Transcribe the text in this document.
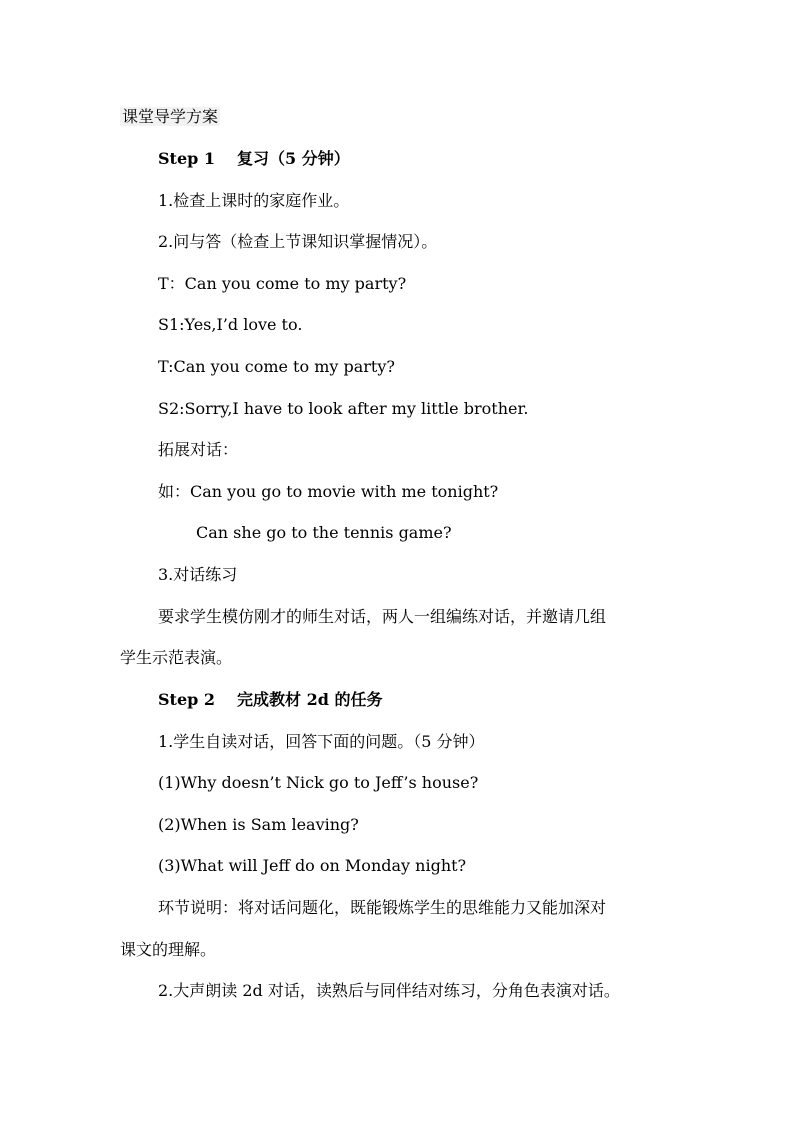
课堂导学方案
Step 1 复习（5 分钟）
1.检查上课时的家庭作业。
2.问与答（检查上节课知识掌握情况）。
T：Can you come to my party?
S1:Yes,I’d love to.
T:Can you come to my party?
S2:Sorry,I have to look after my little brother.
拓展对话：
如：Can you go to movie with me tonight?
Can she go to the tennis game?
3.对话练习
要求学生模仿刚才的师生对话，两人一组编练对话，并邀请几组
学生示范表演。
Step 2 完成教材 2d 的任务
1.学生自读对话，回答下面的问题。（5 分钟）
(1)Why doesn’t Nick go to Jeff’s house?
(2)When is Sam leaving?
(3)What will Jeff do on Monday night?
环节说明：将对话问题化，既能锻炼学生的思维能力又能加深对
课文的理解。
2.大声朗读 2d 对话，读熟后与同伴结对练习，分角色表演对话。
